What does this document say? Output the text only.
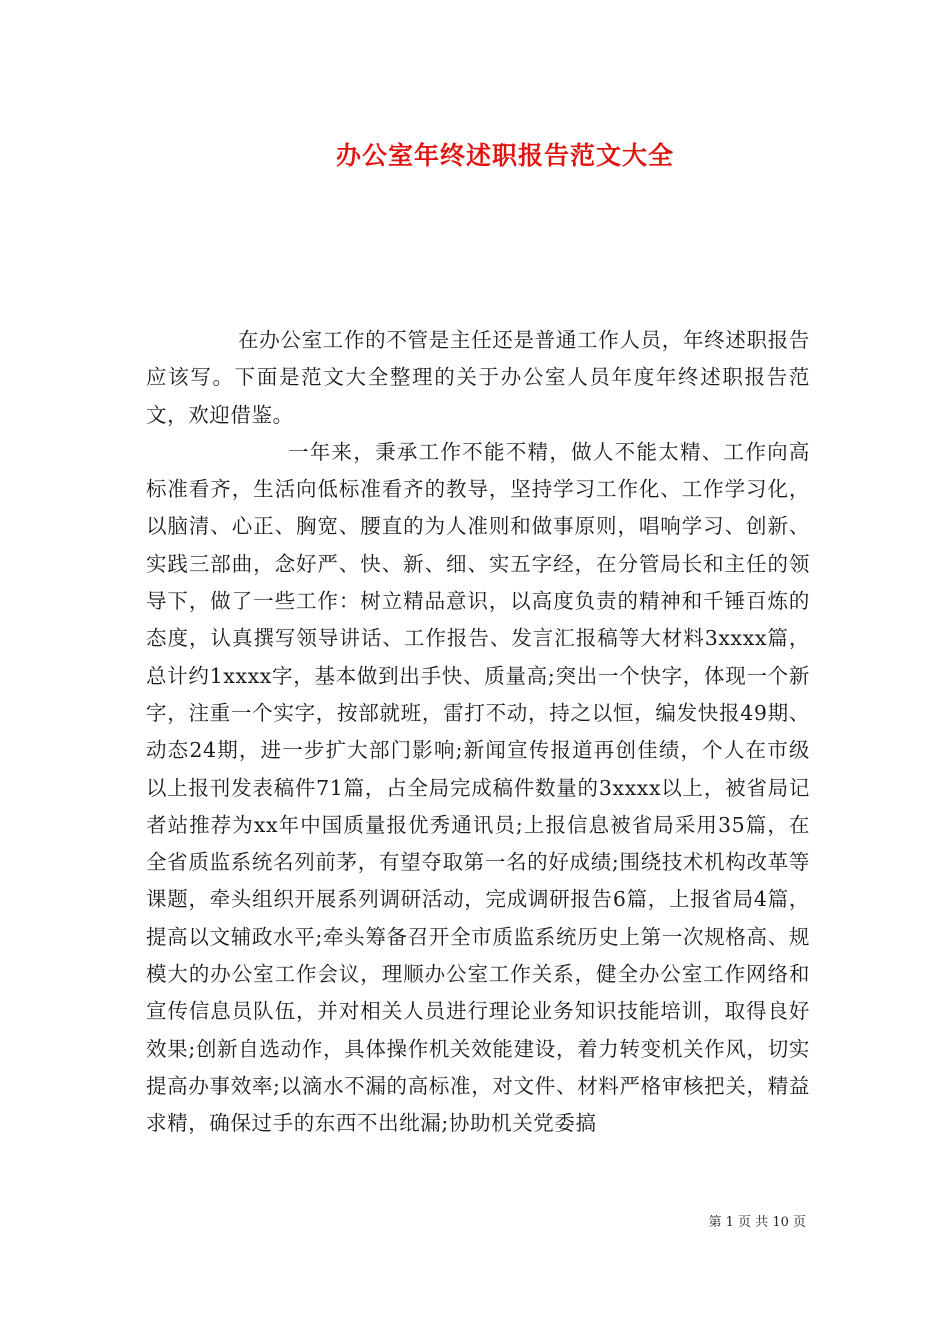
办公室年终述职报告范文大全

在办公室工作的不管是主任还是普通工作人员，年终述职报告应该写。下面是范文大全整理的关于办公室人员年度年终述职报告范文，欢迎借鉴。

一年来，秉承工作不能不精，做人不能太精、工作向高标准看齐，生活向低标准看齐的教导，坚持学习工作化、工作学习化，以脑清、心正、胸宽、腰直的为人准则和做事原则，唱响学习、创新、实践三部曲，念好严、快、新、细、实五字经，在分管局长和主任的领导下，做了一些工作：树立精品意识，以高度负责的精神和千锤百炼的态度，认真撰写领导讲话、工作报告、发言汇报稿等大材料3xxxx篇，总计约1xxxx字，基本做到出手快、质量高;突出一个快字，体现一个新字，注重一个实字，按部就班，雷打不动，持之以恒，编发快报49期、动态24期，进一步扩大部门影响;新闻宣传报道再创佳绩，个人在市级以上报刊发表稿件71篇，占全局完成稿件数量的3xxxx以上，被省局记者站推荐为xx年中国质量报优秀通讯员;上报信息被省局采用35篇，在全省质监系统名列前茅，有望夺取第一名的好成绩;围绕技术机构改革等课题，牵头组织开展系列调研活动，完成调研报告6篇，上报省局4篇，提高以文辅政水平;牵头筹备召开全市质监系统历史上第一次规格高、规模大的办公室工作会议，理顺办公室工作关系，健全办公室工作网络和宣传信息员队伍，并对相关人员进行理论业务知识技能培训，取得良好效果;创新自选动作，具体操作机关效能建设，着力转变机关作风，切实提高办事效率;以滴水不漏的高标准，对文件、材料严格审核把关，精益求精，确保过手的东西不出纰漏;协助机关党委搞

第 1 页 共 10 页
